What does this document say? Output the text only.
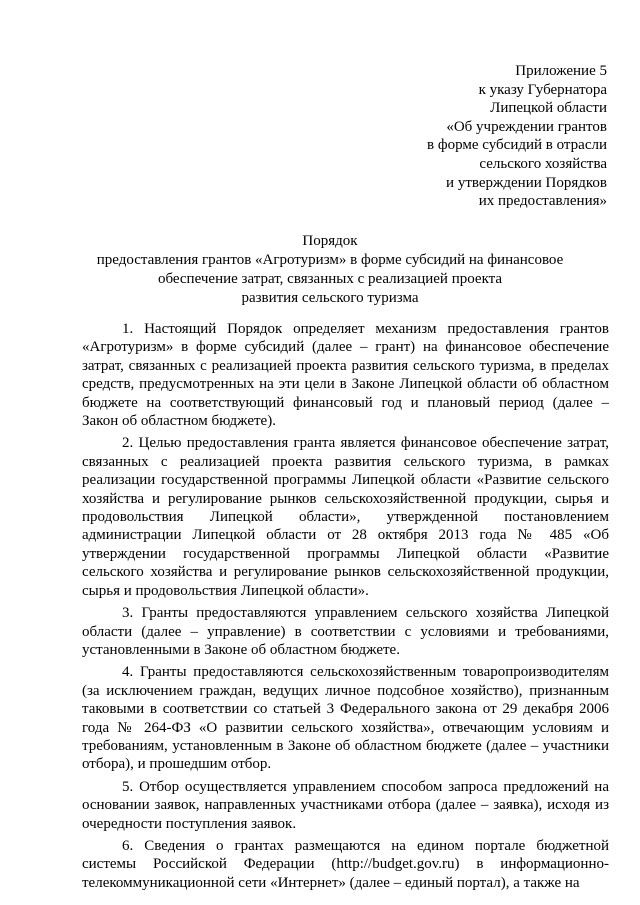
Приложение 5
к указу Губернатора
Липецкой области
«Об учреждении грантов
в форме субсидий в отрасли
сельского хозяйства
и утверждении Порядков
их предоставления»
Порядок
предоставления грантов «Агротуризм» в форме субсидий на финансовое
обеспечение затрат, связанных с реализацией проекта
развития сельского туризма
1. Настоящий Порядок определяет механизм предоставления грантов
«Агротуризм» в форме субсидий (далее – грант) на финансовое обеспечение
затрат, связанных с реализацией проекта развития сельского туризма, в пределах
средств, предусмотренных на эти цели в Законе Липецкой области об областном
бюджете на соответствующий финансовый год и плановый период (далее –
Закон об областном бюджете).
2. Целью предоставления гранта является финансовое обеспечение затрат,
связанных с реализацией проекта развития сельского туризма, в рамках
реализации государственной программы Липецкой области «Развитие сельского
хозяйства и регулирование рынков сельскохозяйственной продукции, сырья и
продовольствия Липецкой области», утвержденной постановлением
администрации Липецкой области от 28 октября 2013 года № 485 «Об
утверждении государственной программы Липецкой области «Развитие
сельского хозяйства и регулирование рынков сельскохозяйственной продукции,
сырья и продовольствия Липецкой области».
3. Гранты предоставляются управлением сельского хозяйства Липецкой
области (далее – управление) в соответствии с условиями и требованиями,
установленными в Законе об областном бюджете.
4. Гранты предоставляются сельскохозяйственным товаропроизводителям
(за исключением граждан, ведущих личное подсобное хозяйство), признанным
таковыми в соответствии со статьей 3 Федерального закона от 29 декабря 2006
года № 264-ФЗ «О развитии сельского хозяйства», отвечающим условиям и
требованиям, установленным в Законе об областном бюджете (далее – участники
отбора), и прошедшим отбор.
5. Отбор осуществляется управлением способом запроса предложений на
основании заявок, направленных участниками отбора (далее – заявка), исходя из
очередности поступления заявок.
6. Сведения о грантах размещаются на едином портале бюджетной
системы Российской Федерации (http://budget.gov.ru) в информационно-
телекоммуникационной сети «Интернет» (далее – единый портал), а также на
